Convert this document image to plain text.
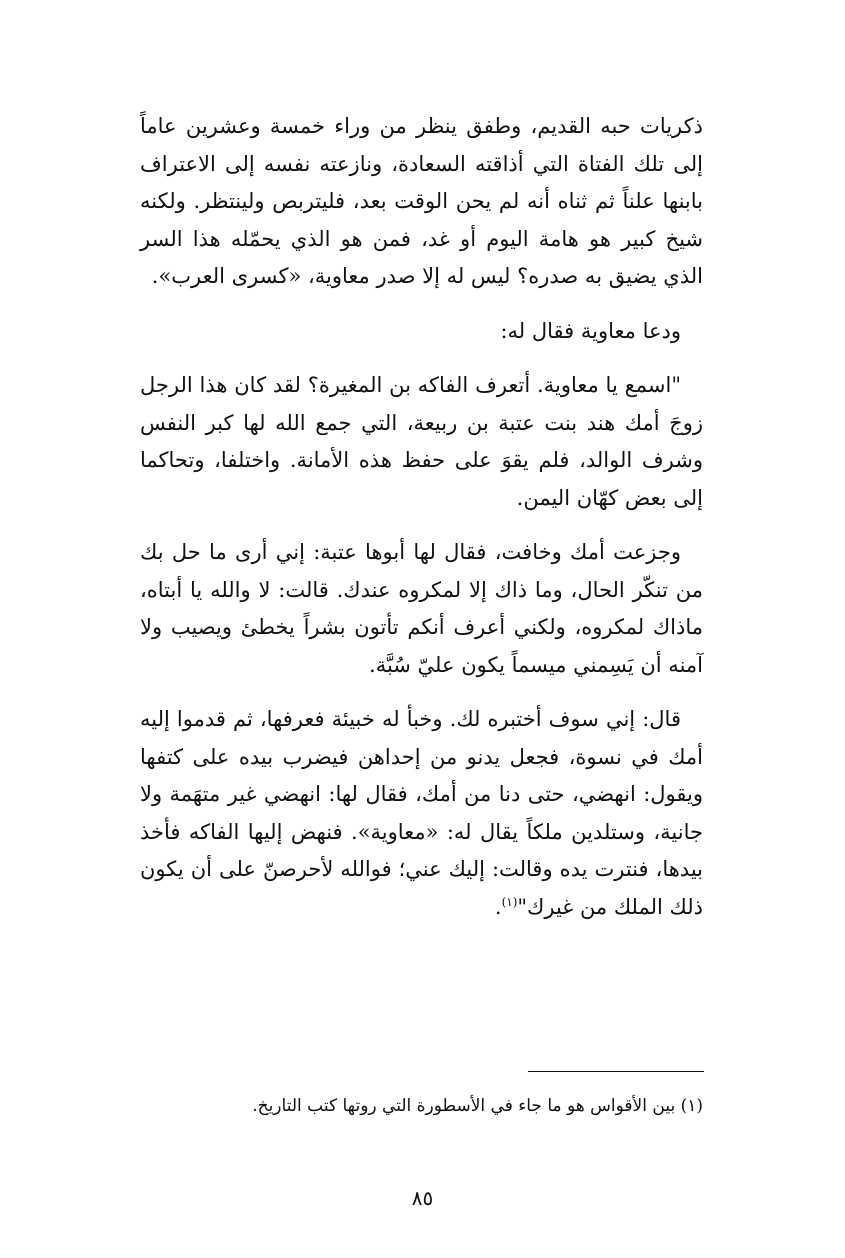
ذكريات حبه القديم، وطفق ينظر من وراء خمسة وعشرين عاماً إلى تلك الفتاة التي أذاقته السعادة، ونازعته نفسه إلى الاعتراف بابنها علناً ثم ثناه أنه لم يحن الوقت بعد، فليتربص ولينتظر. ولكنه شيخ كبير هو هامة اليوم أو غد، فمن هو الذي يحمّله هذا السر الذي يضيق به صدره؟ ليس له إلا صدر معاوية، «كسرى العرب».

ودعا معاوية فقال له:

"اسمع يا معاوية. أتعرف الفاكه بن المغيرة؟ لقد كان هذا الرجل زوجَ أمك هند بنت عتبة بن ربيعة، التي جمع الله لها كبر النفس وشرف الوالد، فلم يقوَ على حفظ هذه الأمانة. واختلفا، وتحاكما إلى بعض كهّان اليمن.

وجزعت أمك وخافت، فقال لها أبوها عتبة: إني أرى ما حل بك من تنكّر الحال، وما ذاك إلا لمكروه عندك. قالت: لا والله يا أبتاه، ماذاك لمكروه، ولكني أعرف أنكم تأتون بشراً يخطئ ويصيب ولا آمنه أن يَسِمني ميسماً يكون عليّ سُبَّة.

قال: إني سوف أختبره لك. وخبأ له خبيئة فعرفها، ثم قدموا إليه أمك في نسوة، فجعل يدنو من إحداهن فيضرب بيده على كتفها ويقول: انهضي، حتى دنا من أمك، فقال لها: انهضي غير متهَمة ولا جانية، وستلدين ملكاً يقال له: «معاوية». فنهض إليها الفاكه فأخذ بيدها، فنترت يده وقالت: إليك عني؛ فوالله لأحرصنّ على أن يكون ذلك الملك من غيرك"$^{(١)}$.

(١) بين الأقواس هو ما جاء في الأسطورة التي روتها كتب التاريخ.
٨٥
